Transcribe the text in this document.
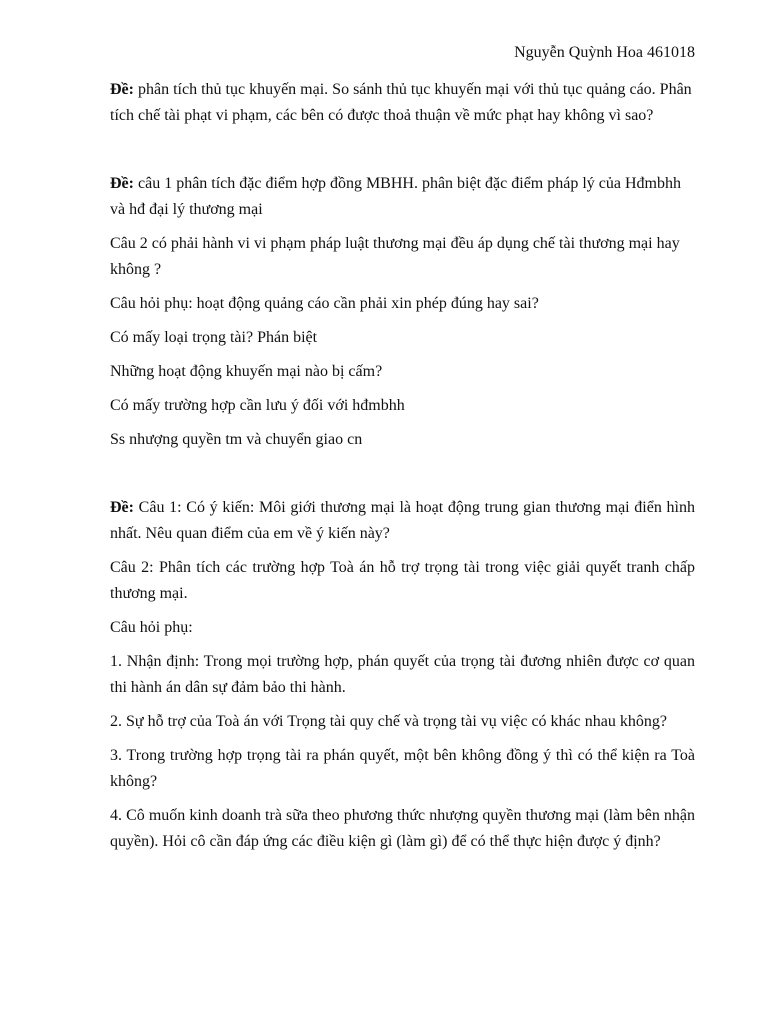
Nguyễn Quỳnh Hoa 461018

Đề: phân tích thủ tục khuyến mại. So sánh thủ tục khuyến mại với thủ tục quảng cáo. Phân tích chế tài phạt vi phạm, các bên có được thoả thuận về mức phạt hay không vì sao?

Đề: câu 1 phân tích đặc điểm hợp đồng MBHH. phân biệt đặc điểm pháp lý của Hđmbhh và hđ đại lý thương mại

Câu 2 có phải hành vi vi phạm pháp luật thương mại đều áp dụng chế tài thương mại hay không ?

Câu hỏi phụ: hoạt động quảng cáo cần phải xin phép đúng hay sai?

Có mấy loại trọng tài? Phán biệt

Những hoạt động khuyến mại nào bị cấm?

Có mấy trường hợp cần lưu ý đối với hđmbhh

Ss nhượng quyền tm và chuyển giao cn

Đề: Câu 1: Có ý kiến: Môi giới thương mại là hoạt động trung gian thương mại điển hình nhất. Nêu quan điểm của em về ý kiến này?

Câu 2: Phân tích các trường hợp Toà án hỗ trợ trọng tài trong việc giải quyết tranh chấp thương mại.

Câu hỏi phụ:

1. Nhận định: Trong mọi trường hợp, phán quyết của trọng tài đương nhiên được cơ quan thi hành án dân sự đảm bảo thi hành.

2. Sự hỗ trợ của Toà án với Trọng tài quy chế và trọng tài vụ việc có khác nhau không?

3. Trong trường hợp trọng tài ra phán quyết, một bên không đồng ý thì có thể kiện ra Toà không?

4. Cô muốn kinh doanh trà sữa theo phương thức nhượng quyền thương mại (làm bên nhận quyền). Hỏi cô cần đáp ứng các điều kiện gì (làm gì) để có thể thực hiện được ý định?
